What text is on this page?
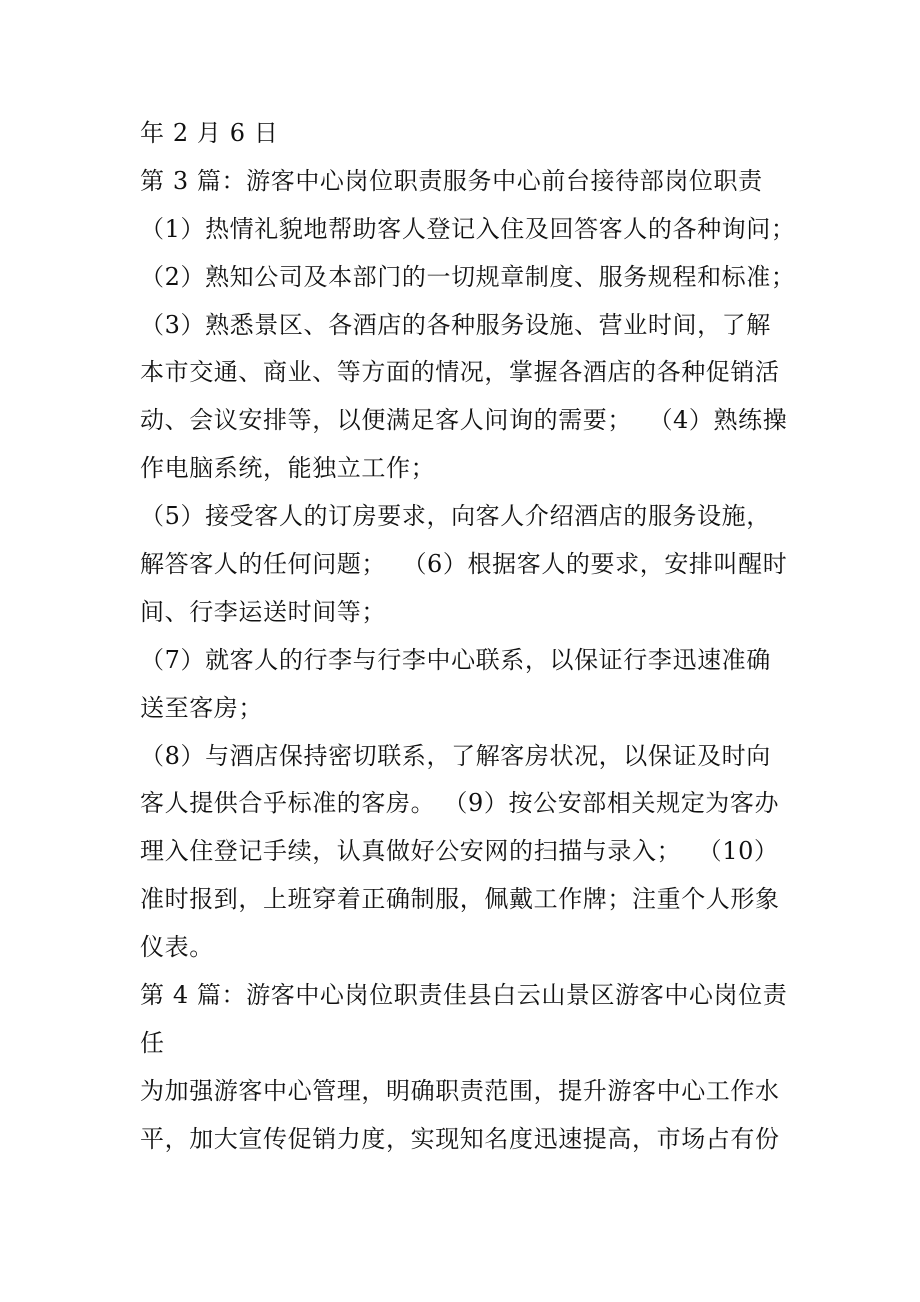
年 2 月 6 日
第 3 篇：游客中心岗位职责服务中心前台接待部岗位职责
（1）热情礼貌地帮助客人登记入住及回答客人的各种询问；
（2）熟知公司及本部门的一切规章制度、服务规程和标准；
（3）熟悉景区、各酒店的各种服务设施、营业时间，了解
本市交通、商业、等方面的情况，掌握各酒店的各种促销活
动、会议安排等，以便满足客人问询的需要；  （4）熟练操
作电脑系统，能独立工作；
（5）接受客人的订房要求，向客人介绍酒店的服务设施，
解答客人的任何问题；  （6）根据客人的要求，安排叫醒时
间、行李运送时间等；
（7）就客人的行李与行李中心联系，以保证行李迅速准确
送至客房；
（8）与酒店保持密切联系，了解客房状况，以保证及时向
客人提供合乎标准的客房。 （9）按公安部相关规定为客办
理入住登记手续，认真做好公安网的扫描与录入；  （10）
准时报到，上班穿着正确制服，佩戴工作牌；注重个人形象
仪表。
第 4 篇：游客中心岗位职责佳县白云山景区游客中心岗位责
任
为加强游客中心管理，明确职责范围，提升游客中心工作水
平，加大宣传促销力度，实现知名度迅速提高，市场占有份
